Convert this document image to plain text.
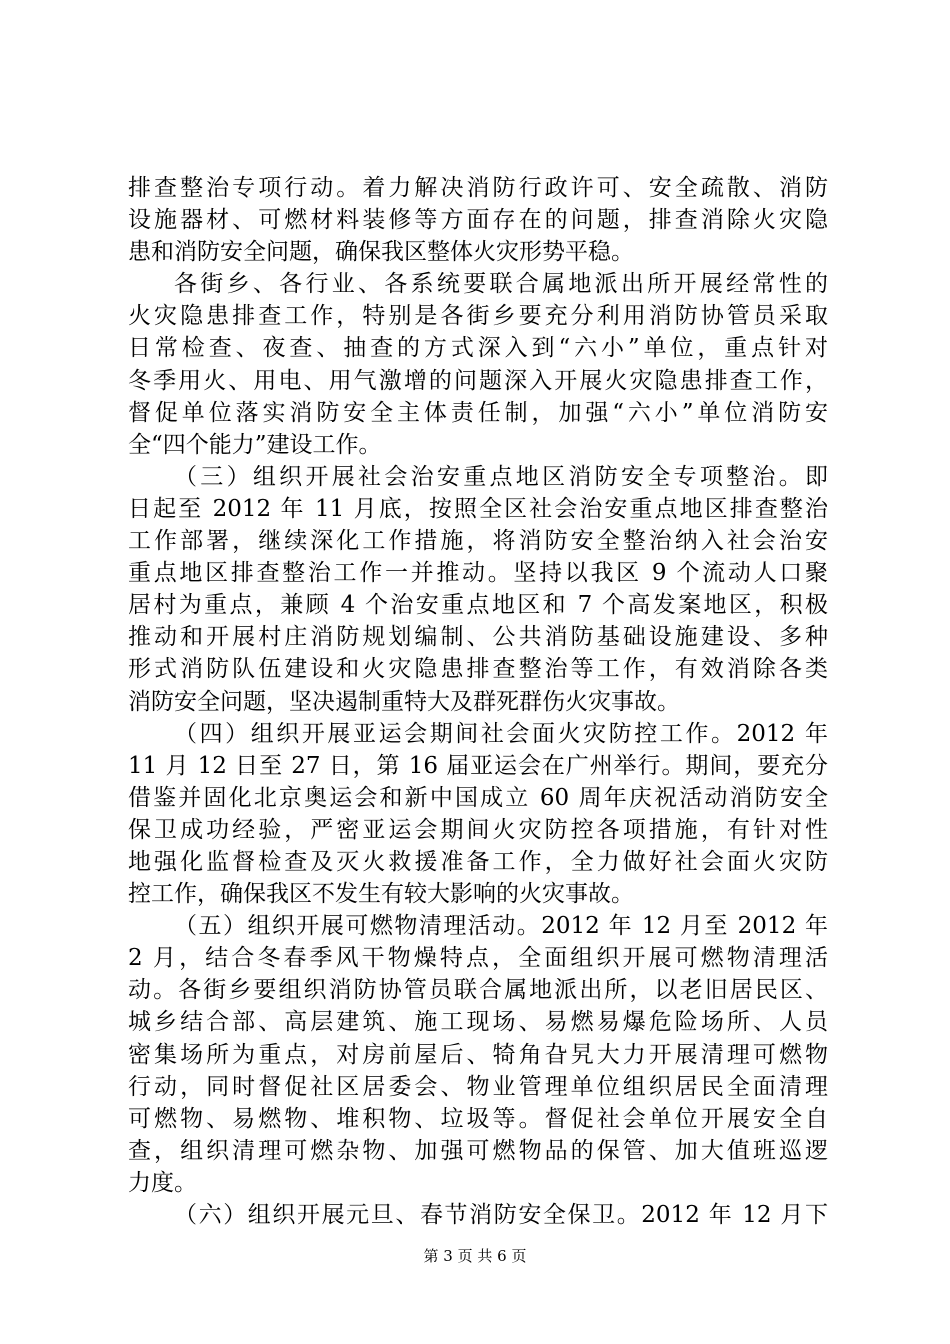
排查整治专项行动。着力解决消防行政许可、安全疏散、消防
设施器材、可燃材料装修等方面存在的问题，排查消除火灾隐
患和消防安全问题，确保我区整体火灾形势平稳。
各街乡、各行业、各系统要联合属地派出所开展经常性的
火灾隐患排查工作，特别是各街乡要充分利用消防协管员采取
日常检查、夜查、抽查的方式深入到“六小”单位，重点针对
冬季用火、用电、用气激增的问题深入开展火灾隐患排查工作，
督促单位落实消防安全主体责任制，加强“六小”单位消防安
全“四个能力”建设工作。
（三）组织开展社会治安重点地区消防安全专项整治。即
日起至 2012 年 11 月底，按照全区社会治安重点地区排查整治
工作部署，继续深化工作措施，将消防安全整治纳入社会治安
重点地区排查整治工作一并推动。坚持以我区 9 个流动人口聚
居村为重点，兼顾 4 个治安重点地区和 7 个高发案地区，积极
推动和开展村庄消防规划编制、公共消防基础设施建设、多种
形式消防队伍建设和火灾隐患排查整治等工作，有效消除各类
消防安全问题，坚决遏制重特大及群死群伤火灾事故。
（四）组织开展亚运会期间社会面火灾防控工作。2012 年
11 月 12 日至 27 日，第 16 届亚运会在广州举行。期间，要充分
借鉴并固化北京奥运会和新中国成立 60 周年庆祝活动消防安全
保卫成功经验，严密亚运会期间火灾防控各项措施，有针对性
地强化监督检查及灭火救援准备工作，全力做好社会面火灾防
控工作，确保我区不发生有较大影响的火灾事故。
（五）组织开展可燃物清理活动。2012 年 12 月至 2012 年
2 月，结合冬春季风干物燥特点，全面组织开展可燃物清理活
动。各街乡要组织消防协管员联合属地派出所，以老旧居民区、
城乡结合部、高层建筑、施工现场、易燃易爆危险场所、人员
密集场所为重点，对房前屋后、犄角旮旯大力开展清理可燃物
行动，同时督促社区居委会、物业管理单位组织居民全面清理
可燃物、易燃物、堆积物、垃圾等。督促社会单位开展安全自
查，组织清理可燃杂物、加强可燃物品的保管、加大值班巡逻
力度。
（六）组织开展元旦、春节消防安全保卫。2012 年 12 月下
第 3 页 共 6 页
